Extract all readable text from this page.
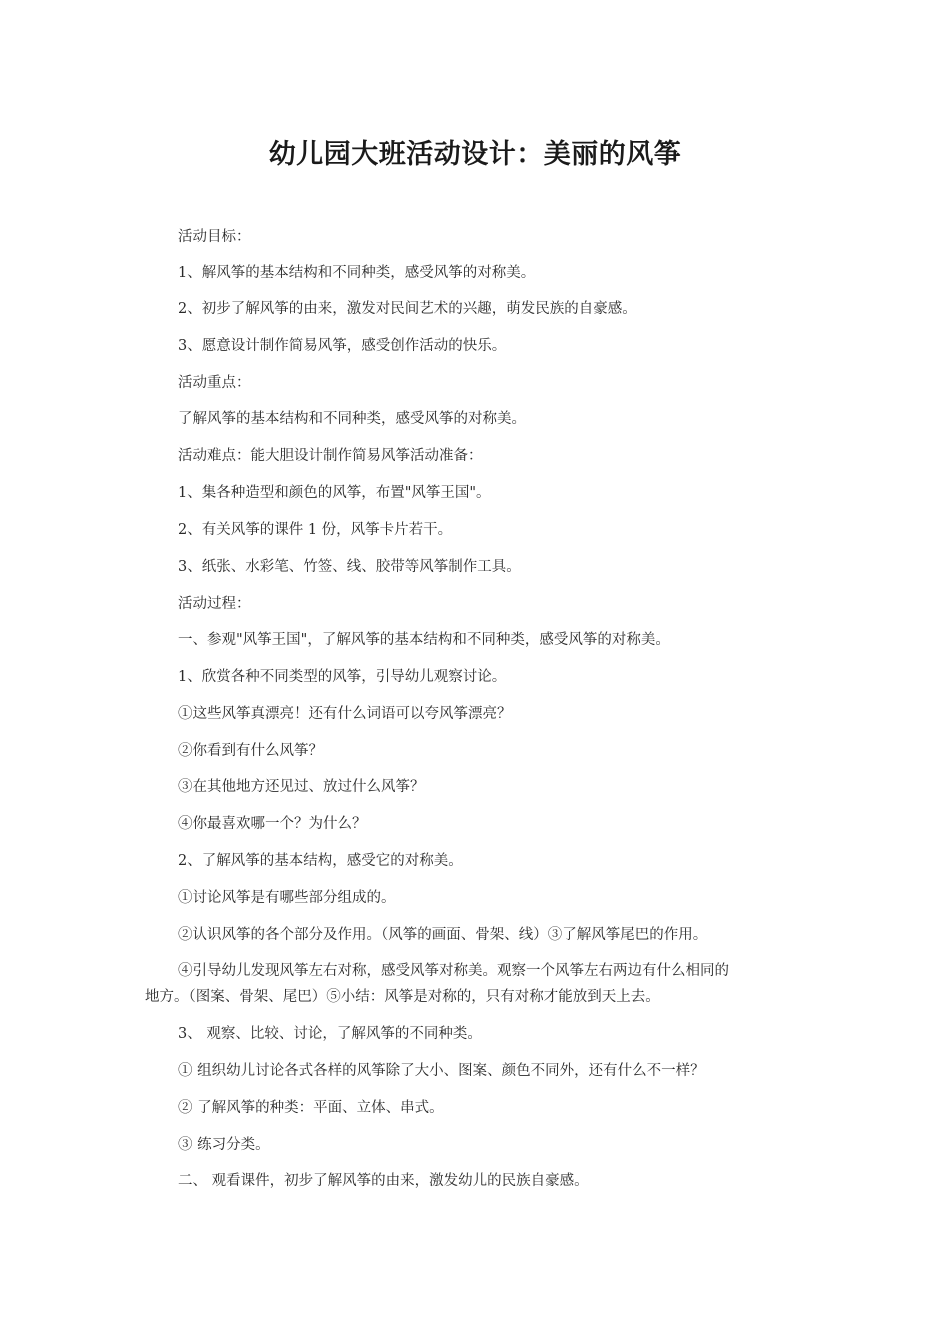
幼儿园大班活动设计：美丽的风筝

活动目标：

1、解风筝的基本结构和不同种类，感受风筝的对称美。

2、初步了解风筝的由来，激发对民间艺术的兴趣，萌发民族的自豪感。

3、愿意设计制作简易风筝，感受创作活动的快乐。

活动重点：

了解风筝的基本结构和不同种类，感受风筝的对称美。

活动难点：能大胆设计制作简易风筝活动准备：

1、集各种造型和颜色的风筝，布置"风筝王国"。

2、有关风筝的课件 1 份，风筝卡片若干。

3、纸张、水彩笔、竹签、线、胶带等风筝制作工具。

活动过程：

一、参观"风筝王国"，了解风筝的基本结构和不同种类，感受风筝的对称美。

1、欣赏各种不同类型的风筝，引导幼儿观察讨论。

①这些风筝真漂亮！还有什么词语可以夸风筝漂亮？

②你看到有什么风筝？

③在其他地方还见过、放过什么风筝？

④你最喜欢哪一个？为什么？

2、了解风筝的基本结构，感受它的对称美。

①讨论风筝是有哪些部分组成的。

②认识风筝的各个部分及作用。（风筝的画面、骨架、线）③了解风筝尾巴的作用。

④引导幼儿发现风筝左右对称，感受风筝对称美。观察一个风筝左右两边有什么相同的
地方。（图案、骨架、尾巴）⑤小结：风筝是对称的，只有对称才能放到天上去。

3、 观察、比较、讨论，了解风筝的不同种类。

① 组织幼儿讨论各式各样的风筝除了大小、图案、颜色不同外，还有什么不一样？

② 了解风筝的种类：平面、立体、串式。

③ 练习分类。

二、 观看课件，初步了解风筝的由来，激发幼儿的民族自豪感。
